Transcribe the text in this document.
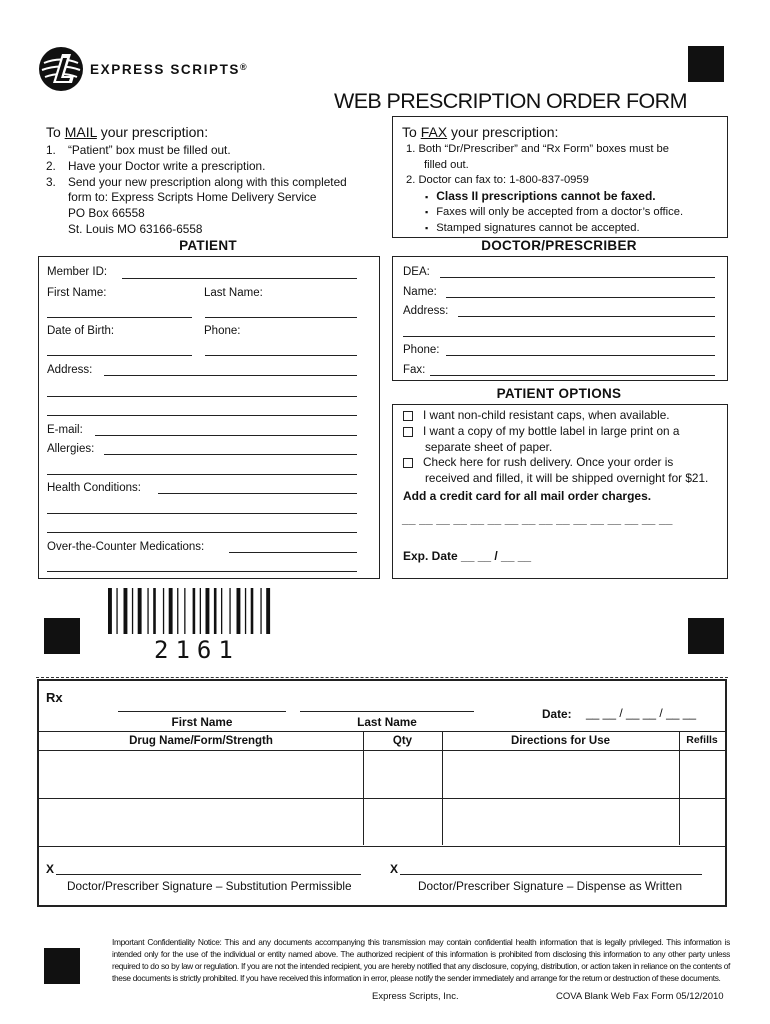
EXPRESS SCRIPTS®
WEB PRESCRIPTION ORDER FORM
To MAIL your prescription:
1. “Patient” box must be filled out.
2. Have your Doctor write a prescription.
3. Send your new prescription along with this completed
form to: Express Scripts Home Delivery Service
PO Box 66558
St. Louis MO 63166-6558
To FAX your prescription:
1. Both “Dr/Prescriber” and “Rx Form” boxes must be
filled out.
2. Doctor can fax to: 1-800-837-0959
▪ Class II prescriptions cannot be faxed.
▪ Faxes will only be accepted from a doctor’s office.
▪ Stamped signatures cannot be accepted.
PATIENT
Member ID:
First Name:	Last Name:
Date of Birth:	Phone:
Address:
E-mail:
Allergies:
Health Conditions:
Over-the-Counter Medications:
DOCTOR/PRESCRIBER
DEA:
Name:
Address:
Phone:
Fax:
PATIENT OPTIONS
I want non-child resistant caps, when available.
I want a copy of my bottle label in large print on a
separate sheet of paper.
Check here for rush delivery. Once your order is
received and filled, it will be shipped overnight for $21.
Add a credit card for all mail order charges.
__ __ __ __ __ __ __ __ __ __ __ __ __ __ __ __
Exp. Date __ __ / __ __
2161
Rx
First Name	Last Name
Date: __ __ / __ __ / __ __
Drug Name/Form/Strength	Qty	Directions for Use	Refills
X
Doctor/Prescriber Signature – Substitution Permissible
X
Doctor/Prescriber Signature – Dispense as Written
Important Confidentiality Notice: This and any documents accompanying this transmission may contain confidential health information that is legally privileged. This information is intended only for the use of the individual or entity named above. The authorized recipient of this information is prohibited from disclosing this information to any other party unless required to do so by law or regulation. If you are not the intended recipient, you are hereby notified that any disclosure, copying, distribution, or action taken in reliance on the contents of these documents is strictly prohibited. If you have received this information in error, please notify the sender immediately and arrange for the return or destruction of these documents.
Express Scripts, Inc.	COVA Blank Web Fax Form 05/12/2010
